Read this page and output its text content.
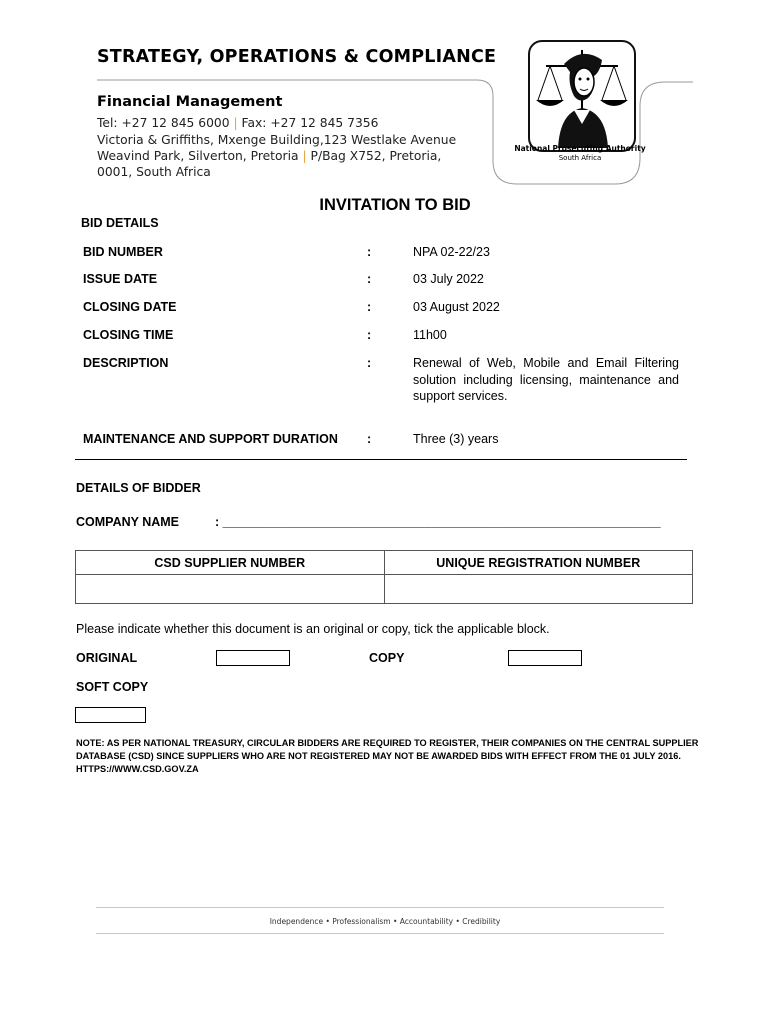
STRATEGY, OPERATIONS & COMPLIANCE
Financial Management
Tel: +27 12 845 6000 | Fax: +27 12 845 7356
Victoria & Griffiths, Mxenge Building,123 Westlake Avenue
Weavind Park, Silverton, Pretoria | P/Bag X752, Pretoria,
0001, South Africa
National Prosecuting Authority
South Africa
INVITATION TO BID
BID DETAILS
BID NUMBER	:	NPA 02-22/23
ISSUE DATE	:	03 July 2022
CLOSING DATE	:	03 August 2022
CLOSING TIME	:	11h00
DESCRIPTION	:	Renewal of Web, Mobile and Email Filtering solution including licensing, maintenance and support services.
MAINTENANCE AND SUPPORT DURATION :	Three (3) years
DETAILS OF BIDDER
COMPANY NAME	: _______________________________________________________________
CSD SUPPLIER NUMBER	UNIQUE REGISTRATION NUMBER

Please indicate whether this document is an original or copy, tick the applicable block.
ORIGINAL	COPY
SOFT COPY
NOTE: AS PER NATIONAL TREASURY, CIRCULAR BIDDERS ARE REQUIRED TO REGISTER, THEIR COMPANIES ON THE CENTRAL SUPPLIER DATABASE (CSD) SINCE SUPPLIERS WHO ARE NOT REGISTERED MAY NOT BE AWARDED BIDS WITH EFFECT FROM THE 01 JULY 2016. HTTPS://WWW.CSD.GOV.ZA
Independence • Professionalism • Accountability • Credibility
